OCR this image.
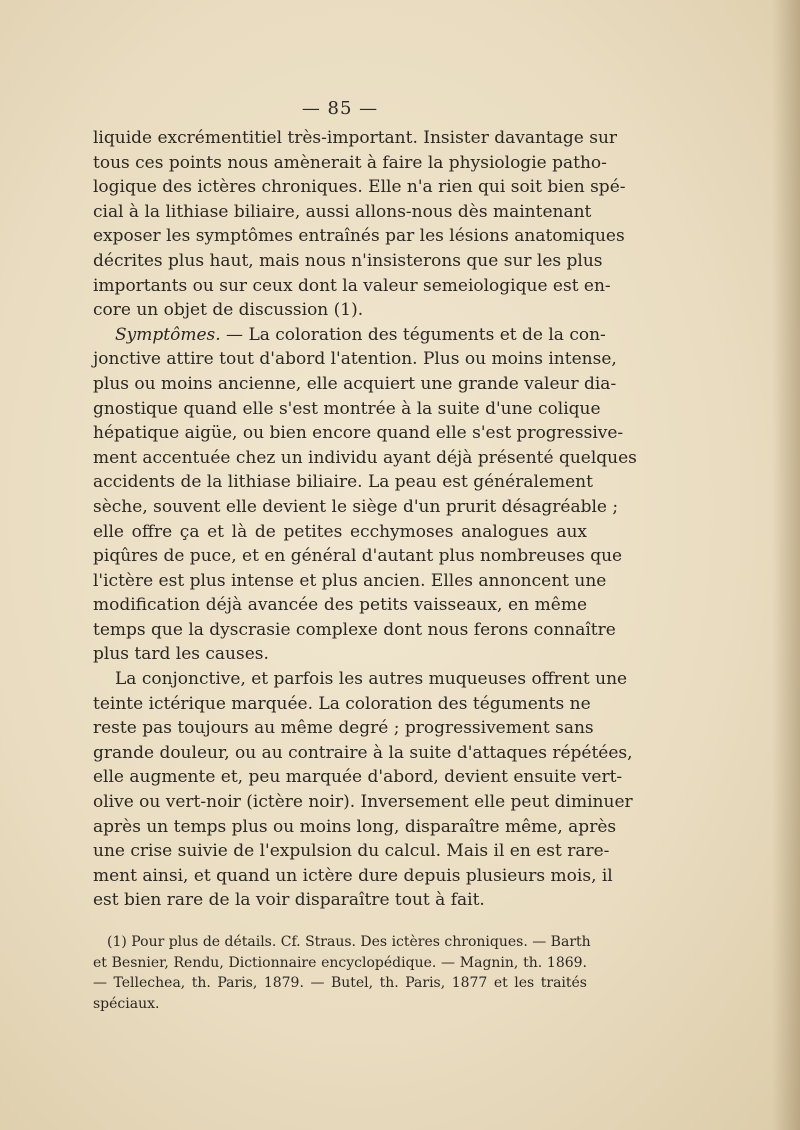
— 85 —
liquide excrémentitiel très-important. Insister davantage sur
tous ces points nous amènerait à faire la physiologie patho-
logique des ictères chroniques. Elle n'a rien qui soit bien spé-
cial à la lithiase biliaire, aussi allons-nous dès maintenant
exposer les symptômes entraînés par les lésions anatomiques
décrites plus haut, mais nous n'insisterons que sur les plus
importants ou sur ceux dont la valeur semeiologique est en-
core un objet de discussion (1).
Symptômes. — La coloration des téguments et de la con-
jonctive attire tout d'abord l'atention. Plus ou moins intense,
plus ou moins ancienne, elle acquiert une grande valeur dia-
gnostique quand elle s'est montrée à la suite d'une colique
hépatique aigüe, ou bien encore quand elle s'est progressive-
ment accentuée chez un individu ayant déjà présenté quelques
accidents de la lithiase biliaire. La peau est généralement
sèche, souvent elle devient le siège d'un prurit désagréable ;
elle offre ça et là de petites ecchymoses analogues aux
piqûres de puce, et en général d'autant plus nombreuses que
l'ictère est plus intense et plus ancien. Elles annoncent une
modification déjà avancée des petits vaisseaux, en même
temps que la dyscrasie complexe dont nous ferons connaître
plus tard les causes.
La conjonctive, et parfois les autres muqueuses offrent une
teinte ictérique marquée. La coloration des téguments ne
reste pas toujours au même degré ; progressivement sans
grande douleur, ou au contraire à la suite d'attaques répétées,
elle augmente et, peu marquée d'abord, devient ensuite vert-
olive ou vert-noir (ictère noir). Inversement elle peut diminuer
après un temps plus ou moins long, disparaître même, après
une crise suivie de l'expulsion du calcul. Mais il en est rare-
ment ainsi, et quand un ictère dure depuis plusieurs mois, il
est bien rare de la voir disparaître tout à fait.
(1) Pour plus de détails. Cf. Straus. Des ictères chroniques. — Barth
et Besnier, Rendu, Dictionnaire encyclopédique. — Magnin, th. 1869.
— Tellechea, th. Paris, 1879. — Butel, th. Paris, 1877 et les traités
spéciaux.
